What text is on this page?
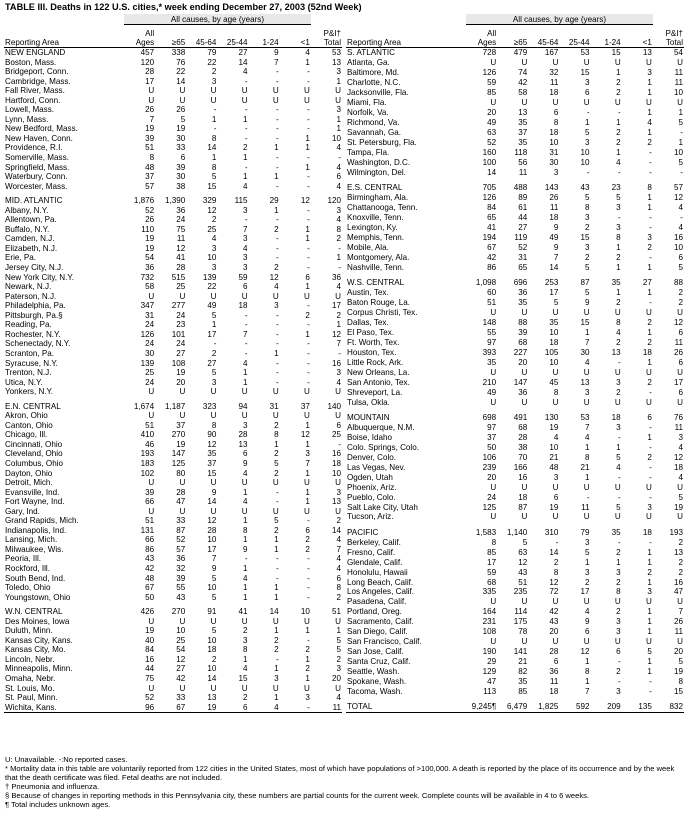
TABLE III. Deaths in 122 U.S. cities,* week ending December 27, 2003 (52nd Week)
	All causes, by age (years)						
Reporting Area	All Ages	≥65	45-64	25-44	1-24	<1	P&I† Total
NEW ENGLAND	457	338	79	27	9	4	53
Boston, Mass.	120	76	22	14	7	1	13
Bridgeport, Conn.	28	22	2	4	-	-	3
Cambridge, Mass.	17	14	3	-	-	-	1
Fall River, Mass.	U	U	U	U	U	U	U
Hartford, Conn.	U	U	U	U	U	U	U
Lowell, Mass.	26	26	-	-	-	-	3
Lynn, Mass.	7	5	1	1	-	-	1
New Bedford, Mass.	19	19	-	-	-	-	1
New Haven, Conn.	39	30	8	-	-	1	10
Providence, R.I.	51	33	14	2	1	1	4
Somerville, Mass.	8	6	1	1	-	-	-
Springfield, Mass.	48	39	8	-	-	1	4
Waterbury, Conn.	37	30	5	1	1	-	6
Worcester, Mass.	57	38	15	4	-	-	4

MID. ATLANTIC	1,876	1,390	329	115	29	12	120
Albany, N.Y.	52	36	12	3	1	-	3
Allentown, Pa.	26	24	2	-	-	-	4
Buffalo, N.Y.	110	75	25	7	2	1	8
Camden, N.J.	19	11	4	3	-	1	2
Elizabeth, N.J.	19	12	3	4	-	-	-
Erie, Pa.	54	41	10	3	-	-	1
Jersey City, N.J.	36	28	3	3	2	-	-
New York City, N.Y.	732	515	139	59	12	6	36
Newark, N.J.	58	25	22	6	4	1	4
Paterson, N.J.	U	U	U	U	U	U	U
Philadelphia, Pa.	347	277	49	18	3	-	17
Pittsburgh, Pa.§	31	24	5	-	-	2	2
Reading, Pa.	24	23	1	-	-	-	1
Rochester, N.Y.	126	101	17	7	-	1	12
Schenectady, N.Y.	24	24	-	-	-	-	7
Scranton, Pa.	30	27	2	-	1	-	-
Syracuse, N.Y.	139	108	27	4	-	-	16
Trenton, N.J.	25	19	5	1	-	-	3
Utica, N.Y.	24	20	3	1	-	-	4
Yonkers, N.Y.	U	U	U	U	U	U	U

E.N. CENTRAL	1,674	1,187	323	94	31	37	140
Akron, Ohio	U	U	U	U	U	U	U
Canton, Ohio	51	37	8	3	2	1	6
Chicago, Ill.	410	270	90	28	8	12	25
Cincinnati, Ohio	46	19	12	13	1	1	-
Cleveland, Ohio	193	147	35	6	2	3	16
Columbus, Ohio	183	125	37	9	5	7	18
Dayton, Ohio	102	80	15	4	2	1	10
Detroit, Mich.	U	U	U	U	U	U	U
Evansville, Ind.	39	28	9	1	-	1	3
Fort Wayne, Ind.	66	47	14	4	-	1	13
Gary, Ind.	U	U	U	U	U	U	U
Grand Rapids, Mich.	51	33	12	1	5	-	2
Indianapolis, Ind.	131	87	28	8	2	6	14
Lansing, Mich.	66	52	10	1	1	2	4
Milwaukee, Wis.	86	57	17	9	1	2	7
Peoria, Ill.	43	36	7	-	-	-	4
Rockford, Ill.	42	32	9	1	-	-	4
South Bend, Ind.	48	39	5	4	-	-	6
Toledo, Ohio	67	55	10	1	1	-	8
Youngstown, Ohio	50	43	5	1	1	-	2

W.N. CENTRAL	426	270	91	41	14	10	51
Des Moines, Iowa	U	U	U	U	U	U	U
Duluth, Minn.	19	10	5	2	1	1	1
Kansas City, Kans.	40	25	10	3	2	-	5
Kansas City, Mo.	84	54	18	8	2	2	5
Lincoln, Nebr.	16	12	2	1	-	1	2
Minneapolis, Minn.	44	27	10	4	1	2	3
Omaha, Nebr.	75	42	14	15	3	1	20
St. Louis, Mo.	U	U	U	U	U	U	U
St. Paul, Minn.	52	33	13	2	1	3	4
Wichita, Kans.	96	67	19	6	4	-	11
	All causes, by age (years)						
Reporting Area	All Ages	≥65	45-64	25-44	1-24	<1	P&I† Total
S. ATLANTIC	728	479	167	53	15	13	54
Atlanta, Ga.	U	U	U	U	U	U	U
Baltimore, Md.	126	74	32	15	1	3	11
Charlotte, N.C.	59	42	11	3	2	1	11
Jacksonville, Fla.	85	58	18	6	2	1	10
Miami, Fla.	U	U	U	U	U	U	U
Norfolk, Va.	20	13	6	-	-	1	1
Richmond, Va.	49	35	8	1	1	4	5
Savannah, Ga.	63	37	18	5	2	1	-
St. Petersburg, Fla.	52	35	10	3	2	2	1
Tampa, Fla.	160	118	31	10	1	-	10
Washington, D.C.	100	56	30	10	4	-	5
Wilmington, Del.	14	11	3	-	-	-	-

E.S. CENTRAL	705	488	143	43	23	8	57
Birmingham, Ala.	126	89	26	5	5	1	12
Chattanooga, Tenn.	84	61	11	8	3	1	4
Knoxville, Tenn.	65	44	18	3	-	-	-
Lexington, Ky.	41	27	9	2	3	-	4
Memphis, Tenn.	194	119	49	15	8	3	16
Mobile, Ala.	67	52	9	3	1	2	10
Montgomery, Ala.	42	31	7	2	2	-	6
Nashville, Tenn.	86	65	14	5	1	1	5

W.S. CENTRAL	1,098	696	253	87	35	27	88
Austin, Tex.	60	36	17	5	1	1	2
Baton Rouge, La.	51	35	5	9	2	-	2
Corpus Christi, Tex.	U	U	U	U	U	U	U
Dallas, Tex.	148	88	35	15	8	2	12
El Paso, Tex.	55	39	10	1	4	1	6
Ft. Worth, Tex.	97	68	18	7	2	2	11
Houston, Tex.	393	227	105	30	13	18	26
Little Rock, Ark.	35	20	10	4	-	1	6
New Orleans, La.	U	U	U	U	U	U	U
San Antonio, Tex.	210	147	45	13	3	2	17
Shreveport, La.	49	36	8	3	2	-	6
Tulsa, Okla.	U	U	U	U	U	U	U

MOUNTAIN	698	491	130	53	18	6	76
Albuquerque, N.M.	97	68	19	7	3	-	11
Boise, Idaho	37	28	4	4	-	1	3
Colo. Springs, Colo.	50	38	10	1	1	-	4
Denver, Colo.	106	70	21	8	5	2	12
Las Vegas, Nev.	239	166	48	21	4	-	18
Ogden, Utah	20	16	3	1	-	-	4
Phoenix, Ariz.	U	U	U	U	U	U	U
Pueblo, Colo.	24	18	6	-	-	-	5
Salt Lake City, Utah	125	87	19	11	5	3	19
Tucson, Ariz.	U	U	U	U	U	U	U

PACIFIC	1,583	1,140	310	79	35	18	193
Berkeley, Calif.	8	5	-	3	-	-	2
Fresno, Calif.	85	63	14	5	2	1	13
Glendale, Calif.	17	12	2	1	1	1	2
Honolulu, Hawaii	59	43	8	3	3	2	2
Long Beach, Calif.	68	51	12	2	2	1	16
Los Angeles, Calif.	335	235	72	17	8	3	47
Pasadena, Calif.	U	U	U	U	U	U	U
Portland, Oreg.	164	114	42	4	2	1	7
Sacramento, Calif.	231	175	43	9	3	1	26
San Diego, Calif.	108	78	20	6	3	1	11
San Francisco, Calif.	U	U	U	U	U	U	U
San Jose, Calif.	190	141	28	12	6	5	20
Santa Cruz, Calif.	29	21	6	1	-	1	5
Seattle, Wash.	129	82	36	8	2	1	19
Spokane, Wash.	47	35	11	1	-	-	8
Tacoma, Wash.	113	85	18	7	3	-	15

TOTAL	9,245¶	6,479	1,825	592	209	135	832
U: Unavailable. -:No reported cases.
* Mortality data in this table are voluntarily reported from 122 cities in the United States, most of which have populations of >100,000. A death is reported by the place of its occurrence and by the week that the death certificate was filed. Fetal deaths are not included.
† Pneumonia and influenza.
§ Because of changes in reporting methods in this Pennsylvania city, these numbers are partial counts for the current week. Complete counts will be available in 4 to 6 weeks.
¶ Total includes unknown ages.
